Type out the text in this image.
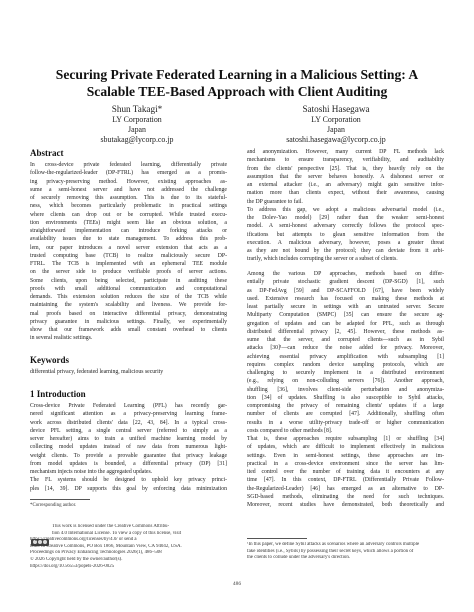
Securing Private Federated Learning in a Malicious Setting: A
Scalable TEE-Based Approach with Client Auditing
Shun Takagi*
LY Corporation
Japan
sbutakag@lycorp.co.jp
Satoshi Hasegawa
LY Corporation
Japan
satoshi.hasegawa@lycorp.co.jp
Abstract
In cross-device private federated learning, differentially private
follow-the-regularized-leader (DP-FTRL) has emerged as a promis-
ing privacy-preserving method. However, existing approaches as-
sume a semi-honest server and have not addressed the challenge
of securely removing this assumption. This is due to its stateful-
ness, which becomes particularly problematic in practical settings
where clients can drop out or be corrupted. While trusted execu-
tion environments (TEEs) might seem like an obvious solution, a
straightforward implementation can introduce forking attacks or
availability issues due to state management. To address this prob-
lem, our paper introduces a novel server extension that acts as a
trusted computing base (TCB) to realize maliciously secure DP-
FTRL. The TCB is implemented with an ephemeral TEE module
on the server side to produce verifiable proofs of server actions.
Some clients, upon being selected, participate in auditing these
proofs with small additional communication and computational
demands. This extension solution reduces the size of the TCB while
maintaining the system's scalability and liveness. We provide for-
mal proofs based on interactive differential privacy, demonstrating
privacy guarantee in malicious settings. Finally, we experimentally
show that our framework adds small constant overhead to clients
in several realistic settings.
Keywords
differential privacy, federated learning, malicious security
1 Introduction
Cross-device Private Federated Learning (PFL) has recently gar-
nered significant attention as a privacy-preserving learning frame-
work across distributed clients' data [22, 43, 84]. In a typical cross-
device PFL setting, a single central server (referred to simply as a
server hereafter) aims to train a unified machine learning model by
collecting model updates instead of raw data from numerous light-
weight clients. To provide a provable guarantee that privacy leakage
from model updates is bounded, a differential privacy (DP) [31]
mechanism injects noise into the aggregated updates.
The FL systems should be designed to uphold key privacy princi-
ples [14, 39]. DP supports this goal by enforcing data minimization
*Corresponding author.
This work is licensed under the Creative Commons Attribu-
tion 4.0 International License. To view a copy of this license, visit
https://creativecommons.org/licenses/by/4.0/ or send a
letter to Creative Commons, PO Box 1866, Mountain View, CA 94042, USA.
Proceedings on Privacy Enhancing Technologies 2026(1), 486–508
© 2026 Copyright held by the owner/author(s).
https://doi.org/10.56553/popets-2026-0025
and anonymization. However, many current DP FL methods lack
mechanisms to ensure transparency, verifiability, and auditability
from the clients' perspective [25]. That is, they heavily rely on the
assumption that the server behaves honestly. A dishonest server or
an external attacker (i.e., an adversary) might gain sensitive infor-
mation more than clients expect, without their awareness, causing
the DP guarantee to fail.
To address this gap, we adopt a malicious adversarial model (i.e.,
the Dolev-Yao model) [29] rather than the weaker semi-honest
model. A semi-honest adversary correctly follows the protocol spec-
ifications but attempts to glean sensitive information from the
execution. A malicious adversary, however, poses a greater threat
as they are not bound by the protocol; they can deviate from it arbi-
trarily, which includes corrupting the server or a subset of clients.
Among the various DP approaches, methods based on differ-
entially private stochastic gradient descent (DP-SGD) [1], such
as DP-FedAvg [59] and DP-SCAFFOLD [67], have been widely
used. Extensive research has focused on making these methods at
least partially secure in settings with an untrusted server. Secure
Multiparty Computation (SMPC) [35] can ensure the secure ag-
gregation of updates and can be adapted for PFL, such as through
distributed differential privacy [2, 45]. However, these methods as-
sume that the server, and corrupted clients—such as in Sybil
attacks [30]¹—can reduce the noise added for privacy. Moreover,
achieving essential privacy amplification with subsampling [1]
requires complex random device sampling protocols, which are
challenging to securely implement in a distributed environment
(e.g., relying on non-colluding servers [76]). Another approach,
shuffling [36], involves client-side perturbation and anonymiza-
tion [34] of updates. Shuffling is also susceptible to Sybil attacks,
compromising the privacy of remaining clients' updates if a large
number of clients are corrupted [47]. Additionally, shuffling often
results in a worse utility-privacy trade-off or higher communication
costs compared to other methods [8].
That is, these approaches require subsampling [1] or shuffling [34]
of updates, which are difficult to implement effectively in malicious
settings. Even in semi-honest settings, these approaches are im-
practical in a cross-device environment since the server has lim-
ited control over the number of training data it encounters at any
time [47]. In this context, DP-FTRL (Differentially Private Follow-
the-Regularized-Leader) [46] has emerged as an alternative to DP-
SGD-based methods, eliminating the need for such techniques.
Moreover, recent studies have demonstrated, both theoretically and
¹In this paper, we define Sybil attacks as scenarios where an adversary controls multiple
fake identities (i.e., Sybils) by possessing their secret keys, which allows a portion of
the clients to collude under the adversary's direction.
486
